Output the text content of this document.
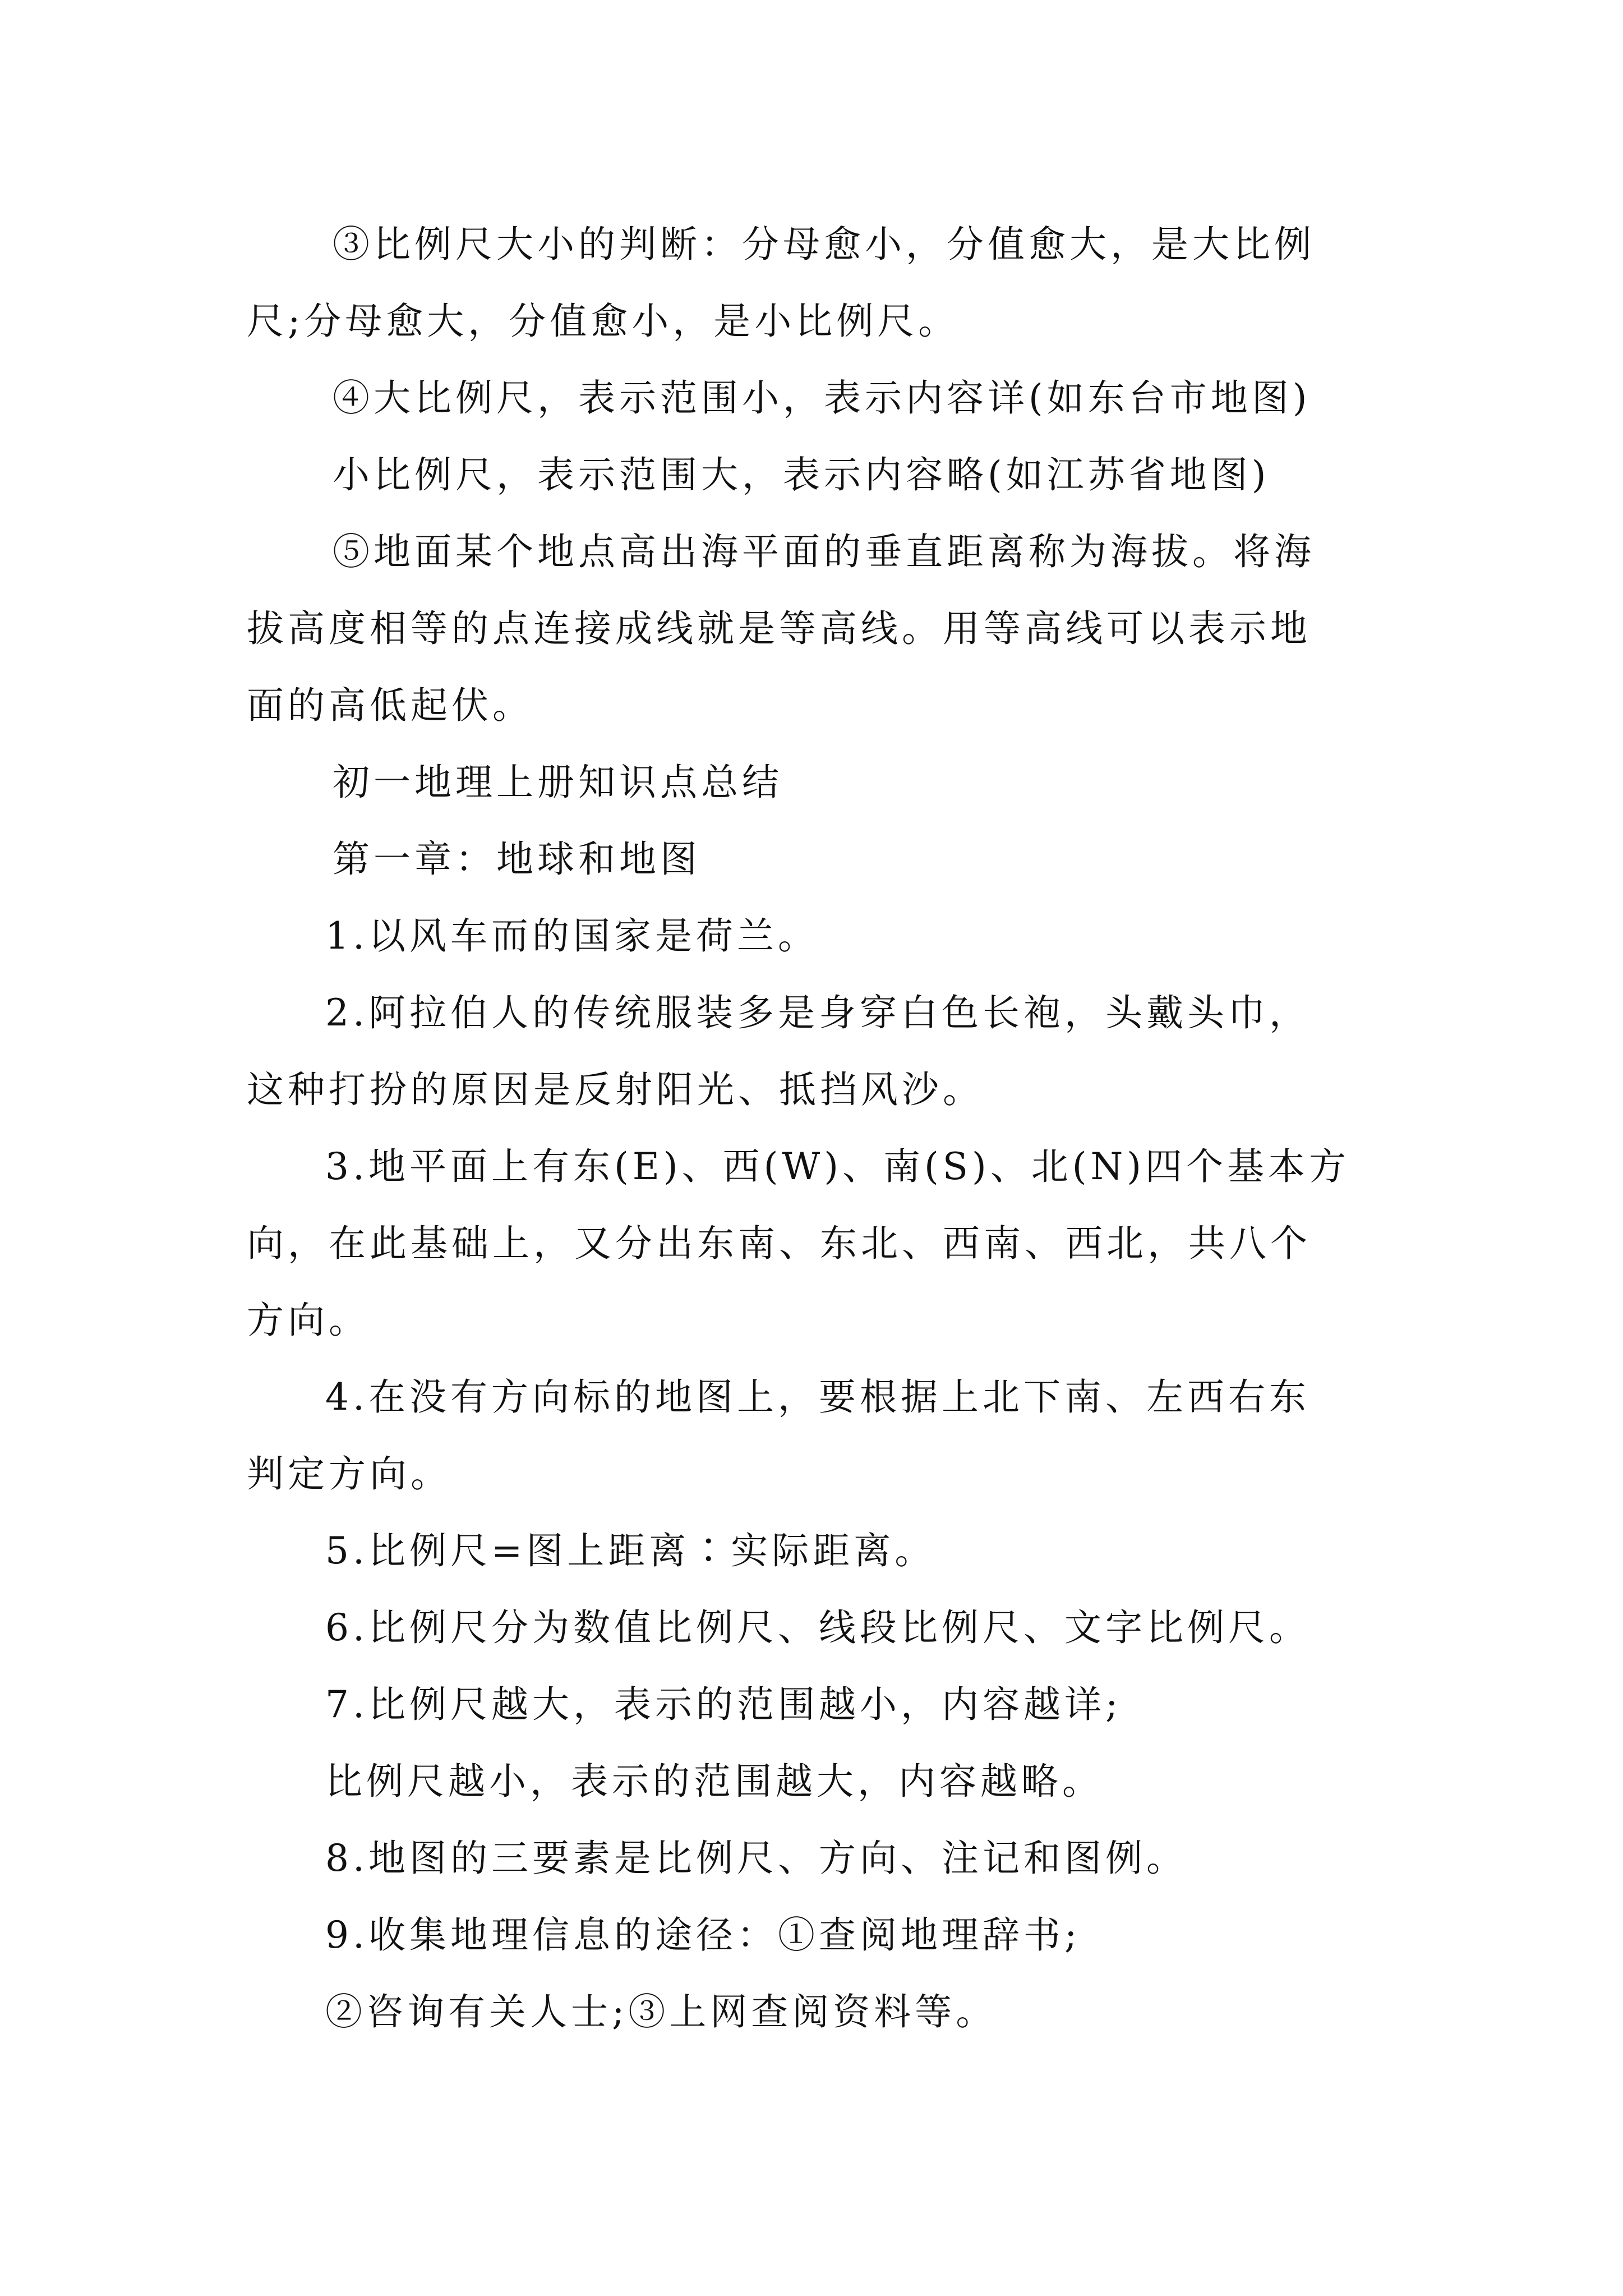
③比例尺大小的判断：分母愈小，分值愈大，是大比例

尺;分母愈大，分值愈小，是小比例尺。

④大比例尺，表示范围小，表示内容详(如东台市地图)

小比例尺，表示范围大，表示内容略(如江苏省地图)

⑤地面某个地点高出海平面的垂直距离称为海拔。将海

拔高度相等的点连接成线就是等高线。用等高线可以表示地

面的高低起伏。

初一地理上册知识点总结

第一章：地球和地图

1.以风车而的国家是荷兰。

2.阿拉伯人的传统服装多是身穿白色长袍，头戴头巾，

这种打扮的原因是反射阳光、抵挡风沙。

3.地平面上有东(E)、西(W)、南(S)、北(N)四个基本方

向，在此基础上，又分出东南、东北、西南、西北，共八个

方向。

4.在没有方向标的地图上，要根据上北下南、左西右东

判定方向。

5.比例尺=图上距离∶实际距离。

6.比例尺分为数值比例尺、线段比例尺、文字比例尺。

7.比例尺越大，表示的范围越小，内容越详;

比例尺越小，表示的范围越大，内容越略。

8.地图的三要素是比例尺、方向、注记和图例。

9.收集地理信息的途径：①查阅地理辞书;

②咨询有关人士;③上网查阅资料等。
